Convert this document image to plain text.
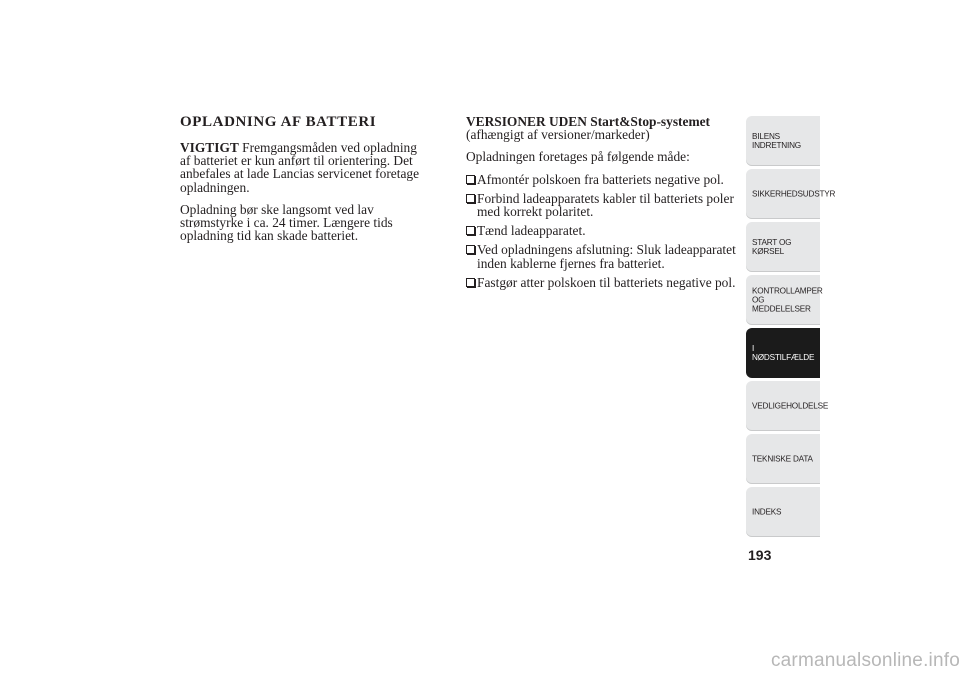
OPLADNING AF BATTERI

VIGTIGT Fremgangsmåden ved opladning af batteriet er kun anført til orientering. Det anbefales at lade Lancias servicenet foretage opladningen.

Opladning bør ske langsomt ved lav strømstyrke i ca. 24 timer. Længere tids opladning tid kan skade batteriet.

VERSIONER UDEN Start&Stop-systemet

(afhængigt af versioner/markeder)

Opladningen foretages på følgende måde:

Afmontér polskoen fra batteriets negative pol.
Forbind ladeapparatets kabler til batteriets poler med korrekt polaritet.
Tænd ladeapparatet.
Ved opladningens afslutning: Sluk ladeapparatet inden kablerne fjernes fra batteriet.
Fastgør atter polskoen til batteriets negative pol.
BILENS
INDRETNING
SIKKERHEDSUDSTYR
START OG KØRSEL
KONTROLLAMPER
OG MEDDELELSER
I NØDSTILFÆLDE
VEDLIGEHOLDELSE
TEKNISKE DATA
INDEKS
193
carmanualsonline.info
